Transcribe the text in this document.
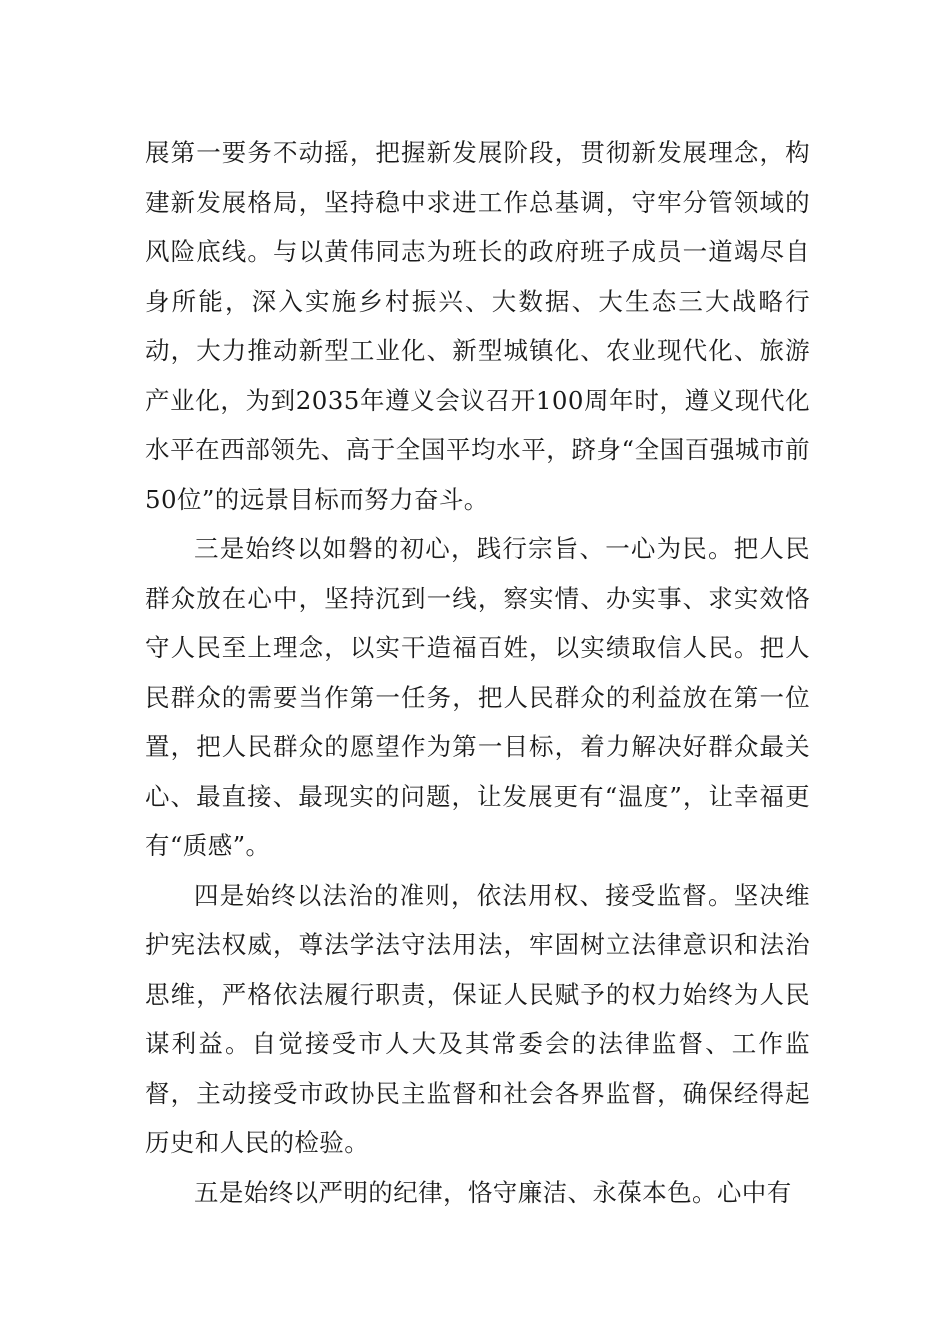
展第一要务不动摇，把握新发展阶段，贯彻新发展理念，构建新发展格局，坚持稳中求进工作总基调，守牢分管领域的风险底线。与以黄伟同志为班长的政府班子成员一道竭尽自身所能，深入实施乡村振兴、大数据、大生态三大战略行动，大力推动新型工业化、新型城镇化、农业现代化、旅游产业化，为到2035年遵义会议召开100周年时，遵义现代化水平在西部领先、高于全国平均水平，跻身“全国百强城市前50位”的远景目标而努力奋斗。

三是始终以如磐的初心，践行宗旨、一心为民。把人民群众放在心中，坚持沉到一线，察实情、办实事、求实效恪守人民至上理念，以实干造福百姓，以实绩取信人民。把人民群众的需要当作第一任务，把人民群众的利益放在第一位置，把人民群众的愿望作为第一目标，着力解决好群众最关心、最直接、最现实的问题，让发展更有“温度”，让幸福更有“质感”。

四是始终以法治的准则，依法用权、接受监督。坚决维护宪法权威，尊法学法守法用法，牢固树立法律意识和法治思维，严格依法履行职责，保证人民赋予的权力始终为人民谋利益。自觉接受市人大及其常委会的法律监督、工作监督，主动接受市政协民主监督和社会各界监督，确保经得起历史和人民的检验。

五是始终以严明的纪律，恪守廉洁、永葆本色。心中有
